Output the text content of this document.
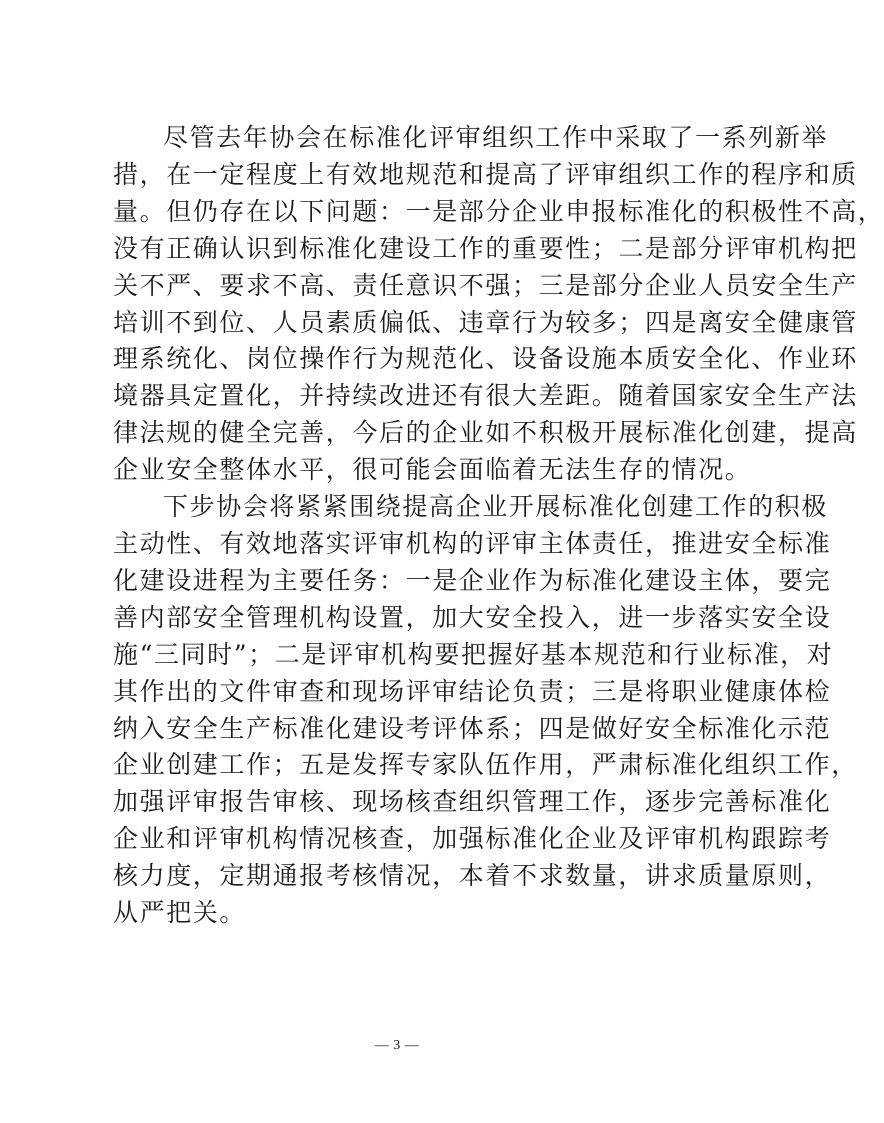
尽管去年协会在标准化评审组织工作中采取了一系列新举
措，在一定程度上有效地规范和提高了评审组织工作的程序和质
量。但仍存在以下问题：一是部分企业申报标准化的积极性不高，
没有正确认识到标准化建设工作的重要性；二是部分评审机构把
关不严、要求不高、责任意识不强；三是部分企业人员安全生产
培训不到位、人员素质偏低、违章行为较多；四是离安全健康管
理系统化、岗位操作行为规范化、设备设施本质安全化、作业环
境器具定置化，并持续改进还有很大差距。随着国家安全生产法
律法规的健全完善，今后的企业如不积极开展标准化创建，提高
企业安全整体水平，很可能会面临着无法生存的情况。

下步协会将紧紧围绕提高企业开展标准化创建工作的积极
主动性、有效地落实评审机构的评审主体责任，推进安全标准
化建设进程为主要任务：一是企业作为标准化建设主体，要完
善内部安全管理机构设置，加大安全投入，进一步落实安全设
施“三同时”；二是评审机构要把握好基本规范和行业标准，对
其作出的文件审查和现场评审结论负责；三是将职业健康体检
纳入安全生产标准化建设考评体系；四是做好安全标准化示范
企业创建工作；五是发挥专家队伍作用，严肃标准化组织工作，
加强评审报告审核、现场核查组织管理工作，逐步完善标准化
企业和评审机构情况核查，加强标准化企业及评审机构跟踪考
核力度，定期通报考核情况，本着不求数量，讲求质量原则，
从严把关。

— 3 —
